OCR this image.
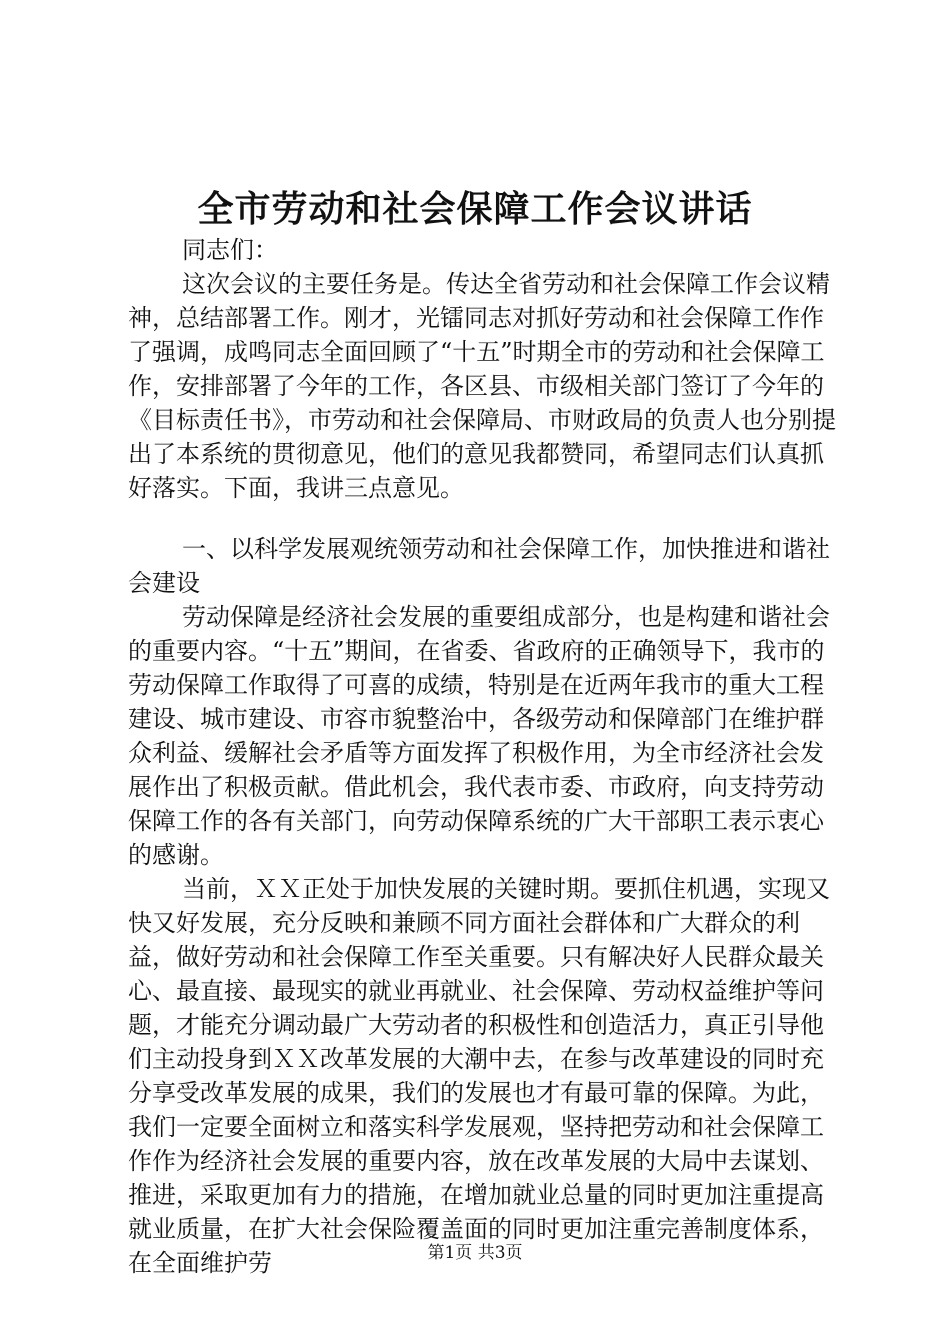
全市劳动和社会保障工作会议讲话

同志们：

这次会议的主要任务是。传达全省劳动和社会保障工作会议精神，总结部署工作。刚才，光镭同志对抓好劳动和社会保障工作作了强调，成鸣同志全面回顾了“十五”时期全市的劳动和社会保障工作，安排部署了今年的工作，各区县、市级相关部门签订了今年的《目标责任书》，市劳动和社会保障局、市财政局的负责人也分别提出了本系统的贯彻意见，他们的意见我都赞同，希望同志们认真抓好落实。下面，我讲三点意见。

一、以科学发展观统领劳动和社会保障工作，加快推进和谐社会建设

劳动保障是经济社会发展的重要组成部分，也是构建和谐社会的重要内容。“十五”期间，在省委、省政府的正确领导下，我市的劳动保障工作取得了可喜的成绩，特别是在近两年我市的重大工程建设、城市建设、市容市貌整治中，各级劳动和保障部门在维护群众利益、缓解社会矛盾等方面发挥了积极作用，为全市经济社会发展作出了积极贡献。借此机会，我代表市委、市政府，向支持劳动保障工作的各有关部门，向劳动保障系统的广大干部职工表示衷心的感谢。

当前，ＸＸ正处于加快发展的关键时期。要抓住机遇，实现又快又好发展，充分反映和兼顾不同方面社会群体和广大群众的利益，做好劳动和社会保障工作至关重要。只有解决好人民群众最关心、最直接、最现实的就业再就业、社会保障、劳动权益维护等问题，才能充分调动最广大劳动者的积极性和创造活力，真正引导他们主动投身到ＸＸ改革发展的大潮中去，在参与改革建设的同时充分享受改革发展的成果，我们的发展也才有最可靠的保障。为此，我们一定要全面树立和落实科学发展观，坚持把劳动和社会保障工作作为经济社会发展的重要内容，放在改革发展的大局中去谋划、推进，采取更加有力的措施，在增加就业总量的同时更加注重提高就业质量，在扩大社会保险覆盖面的同时更加注重完善制度体系，在全面维护劳	第1页 共3页
